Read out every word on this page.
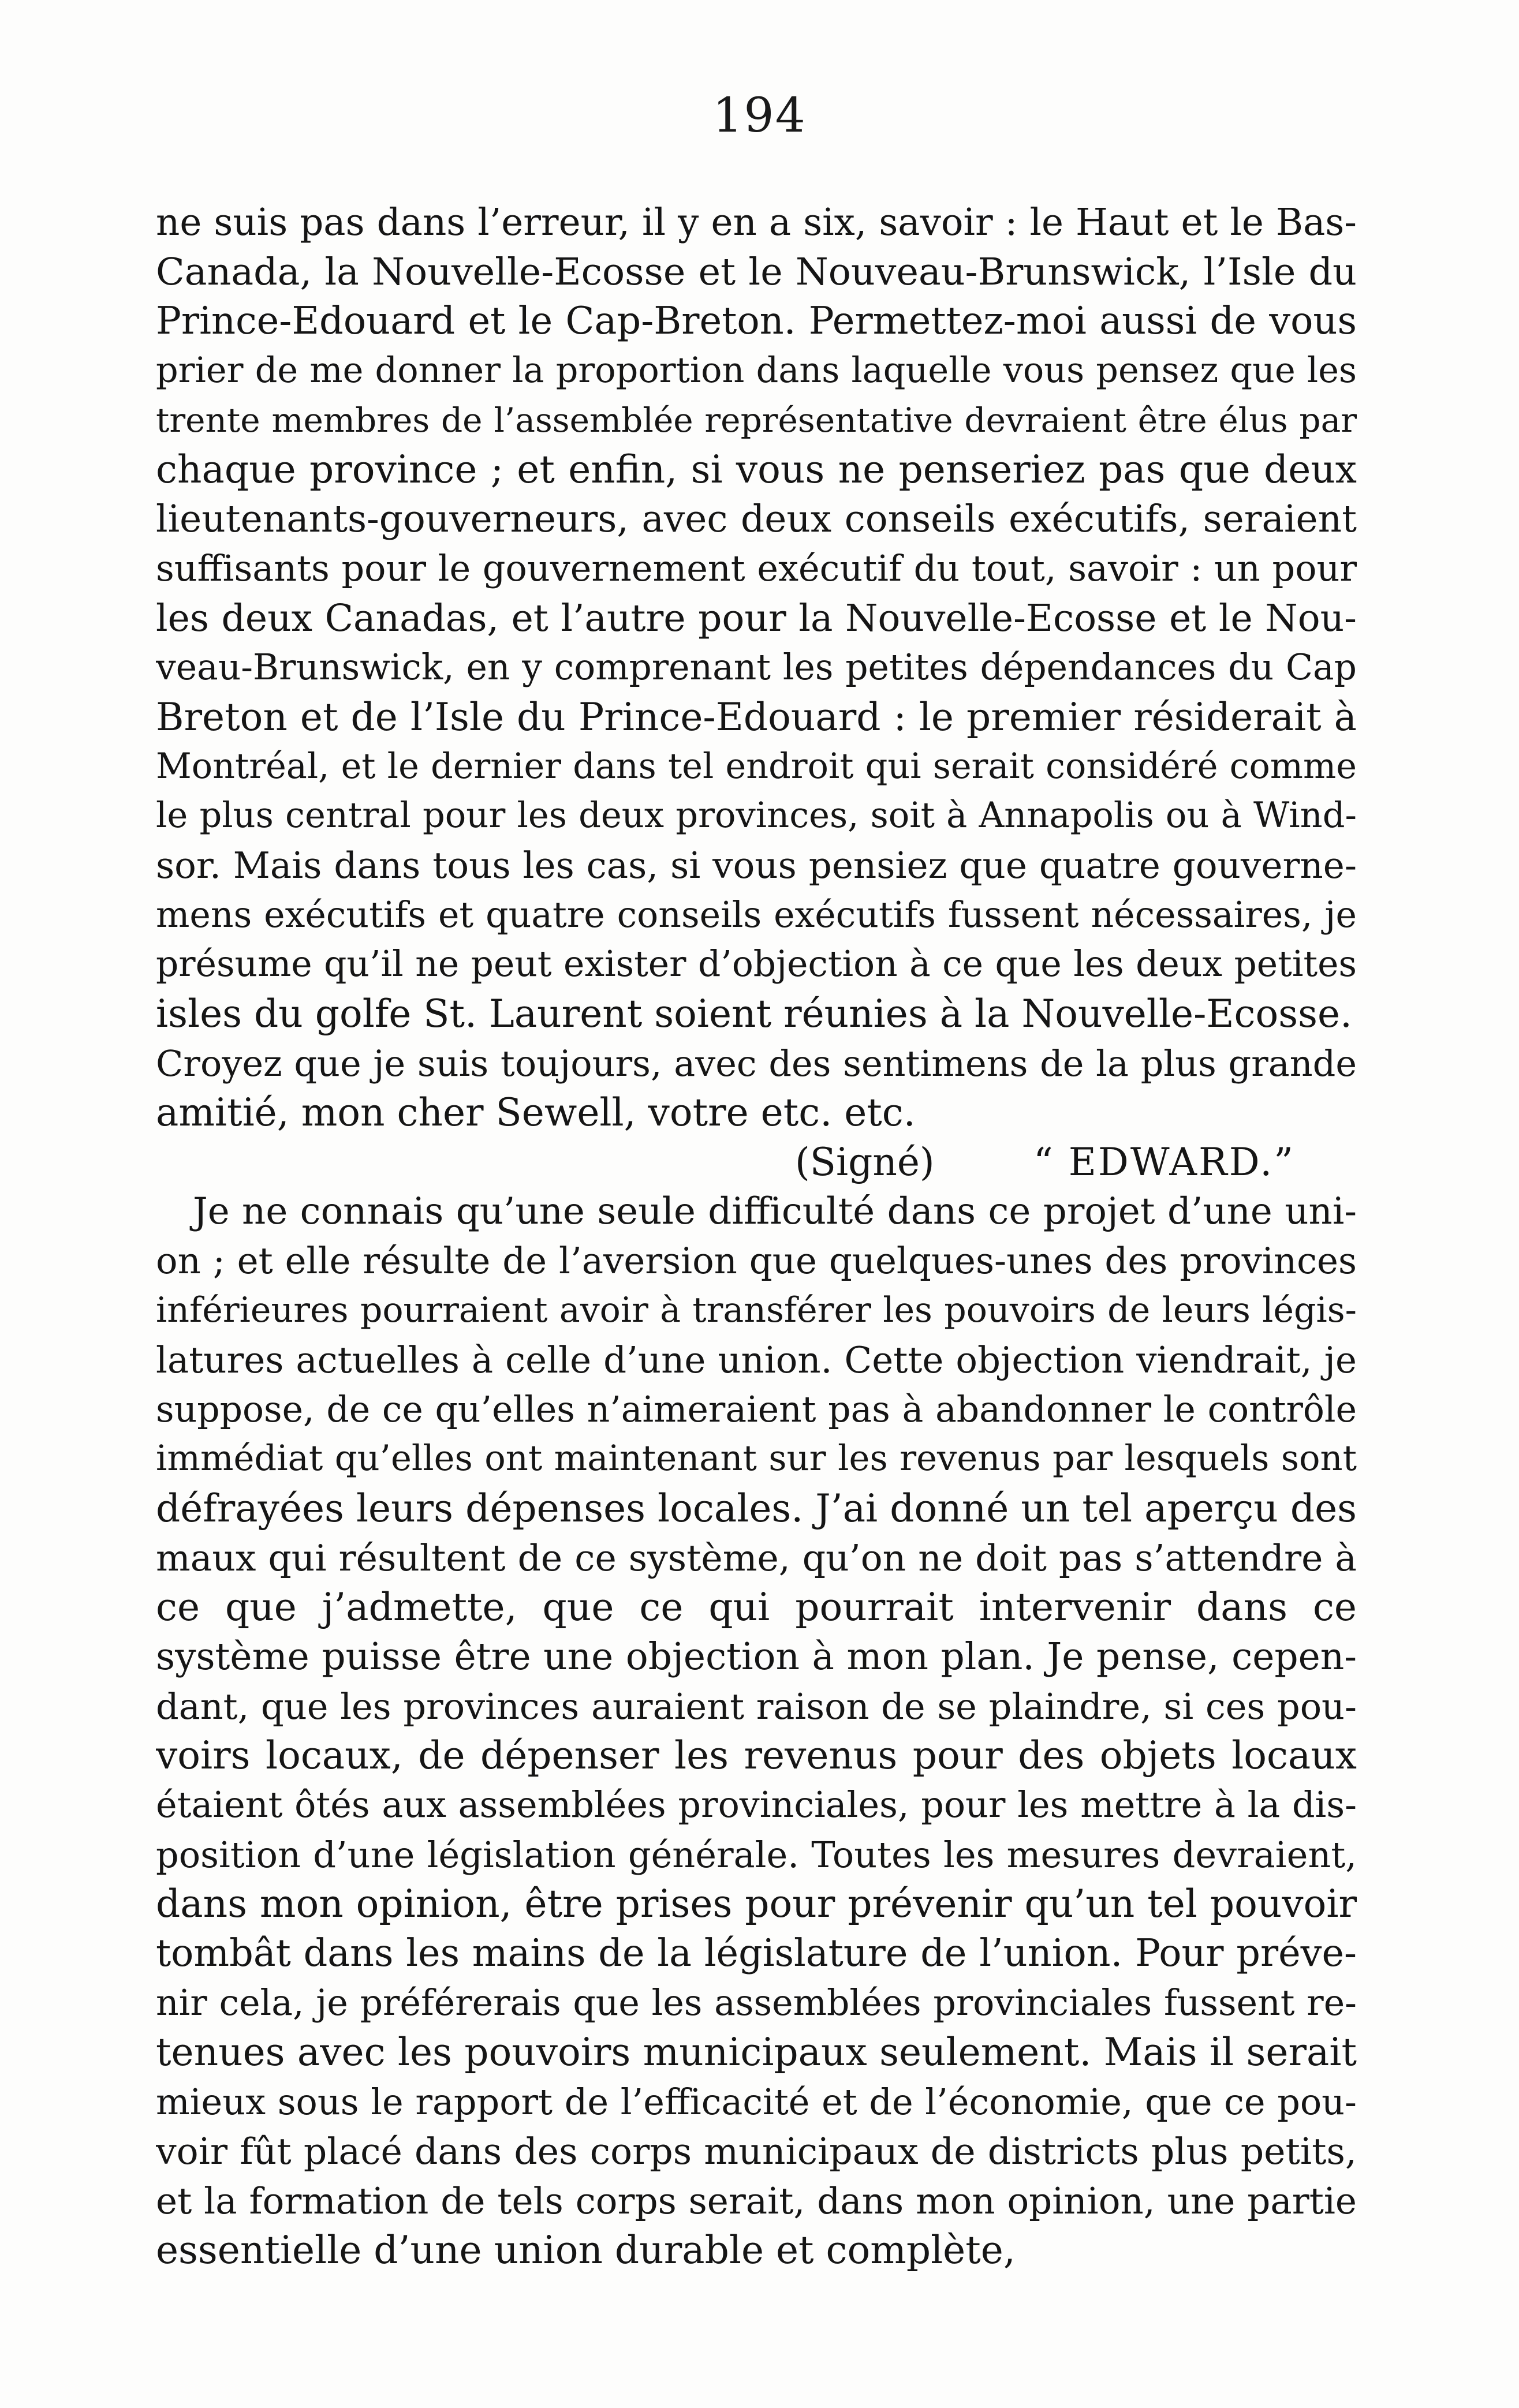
194
ne suis pas dans l’erreur, il y en a six, savoir : le Haut et le Bas-
Canada, la Nouvelle-Ecosse et le Nouveau-Brunswick, l’Isle du
Prince-Edouard et le Cap-Breton. Permettez-moi aussi de vous
prier de me donner la proportion dans laquelle vous pensez que les
trente membres de l’assemblée représentative devraient être élus par
chaque province ; et enfin, si vous ne penseriez pas que deux
lieutenants-gouverneurs, avec deux conseils exécutifs, seraient
suffisants pour le gouvernement exécutif du tout, savoir : un pour
les deux Canadas, et l’autre pour la Nouvelle-Ecosse et le Nou-
veau-Brunswick, en y comprenant les petites dépendances du Cap
Breton et de l’Isle du Prince-Edouard : le premier résiderait à
Montréal, et le dernier dans tel endroit qui serait considéré comme
le plus central pour les deux provinces, soit à Annapolis ou à Wind-
sor. Mais dans tous les cas, si vous pensiez que quatre gouverne-
mens exécutifs et quatre conseils exécutifs fussent nécessaires, je
présume qu’il ne peut exister d’objection à ce que les deux petites
isles du golfe St. Laurent soient réunies à la Nouvelle-Ecosse.
Croyez que je suis toujours, avec des sentimens de la plus grande
amitié, mon cher Sewell, votre etc. etc.
(Signé)	“ EDWARD.”
Je ne connais qu’une seule difficulté dans ce projet d’une uni-
on ; et elle résulte de l’aversion que quelques-unes des provinces
inférieures pourraient avoir à transférer les pouvoirs de leurs légis-
latures actuelles à celle d’une union. Cette objection viendrait, je
suppose, de ce qu’elles n’aimeraient pas à abandonner le contrôle
immédiat qu’elles ont maintenant sur les revenus par lesquels sont
défrayées leurs dépenses locales. J’ai donné un tel aperçu des
maux qui résultent de ce système, qu’on ne doit pas s’attendre à
ce que j’admette, que ce qui pourrait intervenir dans ce
système puisse être une objection à mon plan. Je pense, cepen-
dant, que les provinces auraient raison de se plaindre, si ces pou-
voirs locaux, de dépenser les revenus pour des objets locaux
étaient ôtés aux assemblées provinciales, pour les mettre à la dis-
position d’une législation générale. Toutes les mesures devraient,
dans mon opinion, être prises pour prévenir qu’un tel pouvoir
tombât dans les mains de la législature de l’union. Pour préve-
nir cela, je préférerais que les assemblées provinciales fussent re-
tenues avec les pouvoirs municipaux seulement. Mais il serait
mieux sous le rapport de l’efficacité et de l’économie, que ce pou-
voir fût placé dans des corps municipaux de districts plus petits,
et la formation de tels corps serait, dans mon opinion, une partie
essentielle d’une union durable et complète,
